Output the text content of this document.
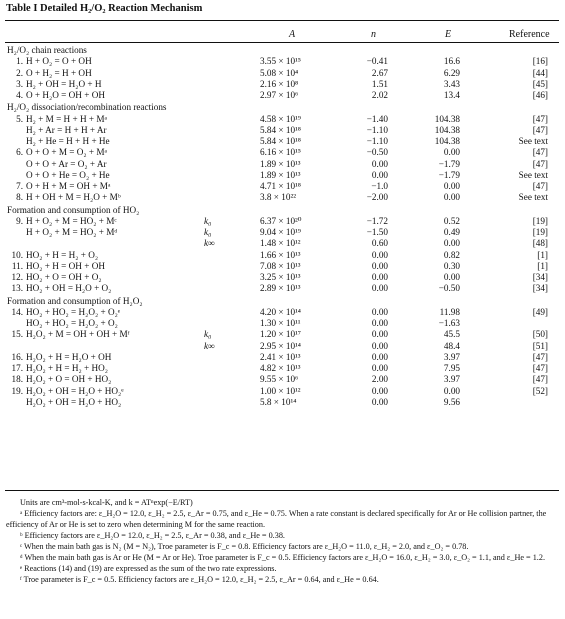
Table I Detailed H₂/O₂ Reaction Mechanism
A	n	E	Reference
H₂/O₂ chain reactions
1. H + O₂ = O + OH	3.55 × 10¹⁵	−0.41	16.6	[16]
2. O + H₂ = H + OH	5.08 × 10⁴	2.67	6.29	[44]
3. H₂ + OH = H₂O + H	2.16 × 10⁸	1.51	3.43	[45]
4. O + H₂O = OH + OH	2.97 × 10⁶	2.02	13.4	[46]
H₂/O₂ dissociation/recombination reactions
5. H₂ + M = H + H + Mᵃ	4.58 × 10¹⁹	−1.40	104.38	[47]
H₂ + Ar = H + H + Ar	5.84 × 10¹⁸	−1.10	104.38	[47]
H₂ + He = H + H + He	5.84 × 10¹⁸	−1.10	104.38	See text
6. O + O + M = O₂ + Mᵃ	6.16 × 10¹⁵	−0.50	0.00	[47]
O + O + Ar = O₂ + Ar	1.89 × 10¹³	0.00	−1.79	[47]
O + O + He = O₂ + He	1.89 × 10¹³	0.00	−1.79	See text
7. O + H + M = OH + Mᵃ	4.71 × 10¹⁸	−1.0	0.00	[47]
8. H + OH + M = H₂O + Mᵇ	3.8 × 10²²	−2.00	0.00	See text
Formation and consumption of HO₂
9. H + O₂ + M = HO₂ + Mᶜ	k₀	6.37 × 10²⁰	−1.72	0.52	[19]
H + O₂ + M = HO₂ + Mᵈ	k₀	9.04 × 10¹⁹	−1.50	0.49	[19]
k∞	1.48 × 10¹²	0.60	0.00	[48]
10. HO₂ + H = H₂ + O₂	1.66 × 10¹³	0.00	0.82	[1]
11. HO₂ + H = OH + OH	7.08 × 10¹³	0.00	0.30	[1]
12. HO₂ + O = OH + O₂	3.25 × 10¹³	0.00	0.00	[34]
13. HO₂ + OH = H₂O + O₂	2.89 × 10¹³	0.00	−0.50	[34]
Formation and consumption of H₂O₂
14. HO₂ + HO₂ = H₂O₂ + O₂ᵉ	4.20 × 10¹⁴	0.00	11.98	[49]
HO₂ + HO₂ = H₂O₂ + O₂	1.30 × 10¹¹	0.00	−1.63
15. H₂O₂ + M = OH + OH + Mᶠ	k₀	1.20 × 10¹⁷	0.00	45.5	[50]
k∞	2.95 × 10¹⁴	0.00	48.4	[51]
16. H₂O₂ + H = H₂O + OH	2.41 × 10¹³	0.00	3.97	[47]
17. H₂O₂ + H = H₂ + HO₂	4.82 × 10¹³	0.00	7.95	[47]
18. H₂O₂ + O = OH + HO₂	9.55 × 10⁶	2.00	3.97	[47]
19. H₂O₂ + OH = H₂O + HO₂ᵉ	1.00 × 10¹²	0.00	0.00	[52]
H₂O₂ + OH = H₂O + HO₂	5.8 × 10¹⁴	0.00	9.56

Units are cm³-mol-s-kcal-K, and k = ATⁿexp(−E/RT)

ᵃ Efficiency factors are: ε_H₂O = 12.0, ε_H₂ = 2.5, ε_Ar = 0.75, and ε_He = 0.75. When a rate constant is declared specifically for Ar or He collision partner, the efficiency of Ar or He is set to zero when determining M for the same reaction.

ᵇ Efficiency factors are ε_H₂O = 12.0, ε_H₂ = 2.5, ε_Ar = 0.38, and ε_He = 0.38.

ᶜ When the main bath gas is N₂ (M = N₂), Troe parameter is F_c = 0.8. Efficiency factors are ε_H₂O = 11.0, ε_H₂ = 2.0, and ε_O₂ = 0.78.

ᵈ When the main bath gas is Ar or He (M = Ar or He). Troe parameter is F_c = 0.5. Efficiency factors are ε_H₂O = 16.0, ε_H₂ = 3.0, ε_O₂ = 1.1, and ε_He = 1.2.

ᵉ Reactions (14) and (19) are expressed as the sum of the two rate expressions.

ᶠ Troe parameter is F_c = 0.5. Efficiency factors are ε_H₂O = 12.0, ε_H₂ = 2.5, ε_Ar = 0.64, and ε_He = 0.64.
